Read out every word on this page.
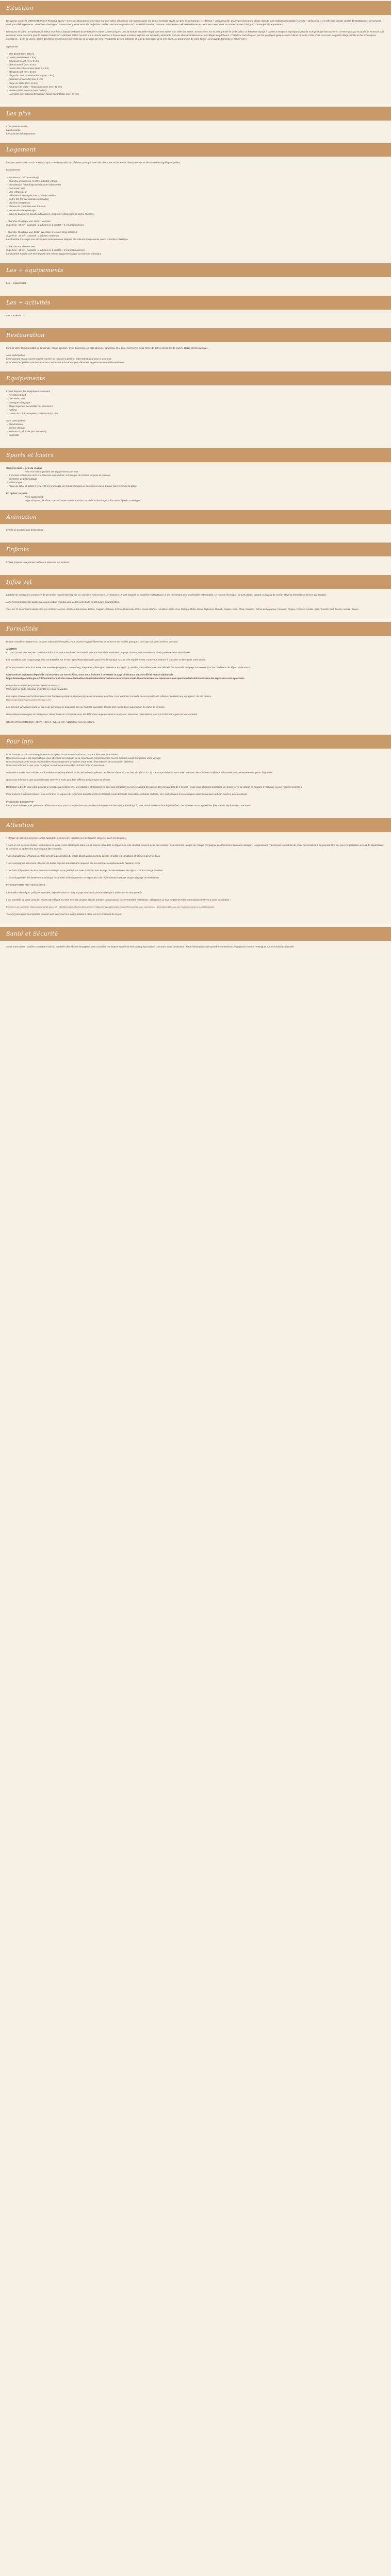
Situation

Bienvenue au KING MINOS RETREAT Resort & Spa 5* ! Ce resort étonnamment se situe sur une colline offrant une vue spectaculaire sur la mer Crétoise et allie un style contemporain, le « Resort » vous accueille, pour votre plus grand plaisir, dans la pure tradition d'hospitalité crétoise « philoxenia » et il offre une grande variété d'installations et de services ainsi que d'hébergements : chambres classiques, suites et bungalows entourés de jardins. Profitez de tous les plaisirs de l'hospitalité crétoise, savourez des saveurs méditerranéennes et découvrez avec vous sur le mer et vivez l'été grec comme jamais auparavant.

Découvrez la Crète, le mythique joli Dieux et précieux joyaux mythique d'une histoire et d'une culture uniques, dont la beauté naturelle est parfaitement reçue pour celle des autres. Entreprenez, sur la plus grande île de la Crète, un fabuleux voyage à travers le temps et imprégnez-vous de sa mythologie fascinante en commençant par le palais de Knossos puis continuez votre aventure pour le musée d'Héraklion. Habitués fidèles ouvrent sur le monde antique, il devient vous emmène explorer sur la Canée, admirable port aux allures vénitiennes et les villages de pêcheurs. C'est donc l'archéo-grec, par les paysages typiques de la culture de notre Crète, c'est vous avez de petits villages isolés et des montagnes escarpées... Celle de divine, dérive des Dieux avant nous émerveille par sa douceur de vivre, l'hospitalité de ses habitants et la beau splendeur de la mer Égée. Au programme de votre séjour : découverte, farniente et art de vivre !

A proximité :

- Star Beach (env. 800 m)
- Golden Beach (env. 1 km)
- Dropanos Beach (env. 1 km)
- Cherro Beach (env. 5 km)
- Centre-ville Chersonisos (env. 2,5 km)
- Stalida Beach (env. 3 km)
- Plage de Limenas Hersonissou (env. 3 km)
- Aquarium Aquaworld (env. 2 km)
- Plage de Stalis (env. 10 km)
- Aquarium de Crète - Thalassocosmos (env. 12 km)
- Musée Palais Knossos (env. 20 km)
- L'aéroport international d'Héraklion Nikos Kazantzakis (env. 24 km).
Les plus
L'hospitalité crétoise
La nouveauté
Le choix des hébergements
Logement

Le KING MINOS RETREAT Resort & Spa 5* est composé d'un bâtiment principal avec des chambres et des suites classiques le tout bien doté de magnifiques jardins.

Equipements :

- Terrasse ou balcon aménagé
- Chambre insonorisée, fenêtre à double vitrage
- Climatisation / chauffage (commande individuelle)
- Connexion Wifi
- Mini-réfrigérateur
- Télévision à écran plat avec chaînes satellite
- Coffre-fort (format ordinateur portable)
- Machine à Expresso
- Plateau de courtoisie avec thé/café
- Nécessaire de repassage
- Salle de bains avec douche à l'italienne, peignoir et chaussons et sèche-cheveux.
- Chambre Classique vue Jardin / vue Mer
Superficie : 28 m² - Capacité : 2 adultes ou 2 adultes + 1 enfant maximum.

- Chambre Classique vue Jardin avec bain à remous privé extérieur
Superficie : 25 m² - Capacité : 2 adultes maximum
La Chambre Classique vue Jardin avec bain à remous dispose des mêmes équipements que la Chambre Classique.

- Chambre Famille vue Mer
Superficie : 38 m² - Capacité : 4 adultes ou 2 adultes + 2 enfants maximum
La Chambre Famille vue Mer dispose des mêmes équipements que la Chambre Classique.
Les + équipements

Les + équipements

Les + activités

Les + activités

Restauration

Lors de votre séjour, profitez de la formule «Demi-pension» (hors boissons). Le petit-déjeuner américain et le dîner sont servis sous forme de buffet composés de cuisine locale et internationale.

Avec participation :
Le restaurant snack, ouvert toute la journée au bord de la piscine, est l'endroit idéal pour le déjeuner.
Pour varier les plaisirs ! rendez-vous au « restaurant à la carte » pour découvrir la gastronomie méditerranéenne.
Equipements
L'hôtel dispose des équipements suivants :
- Réception 24/24
- Connexion Wifi
- Consigne à bagages
- Étage supérieur accessible par ascenseur
- Parking
- Cartes de crédit acceptées : Mastercard & Visa
Avec participation :
- Blanchisserie
- Service d'étage
- Assistance médicale (sur demande)
- Superette
Sports et loisirs
Compris dans le prix du voyage
Pour vos loisirs, profitez des équipements suivants :
- 2 piscines extérieures dont une réservée aux adultes, entourages de chaises longues et parasols
- Serviettes de piscine/plage
- Salle de sport
- Plage de sable et galets à (env. 100 m) aménagée de chaises longues et parasols à vous à trouver pour rejoindre la plage
En option: payante
Avec supplément :
Espace Spa et bien-être : sauna, bassin intérieur, soins corporels et de visage, soins mains / pieds, massages.
Animation

L'hôtel ne propose pas d'animation.

Enfants

L'hôtel propose une piscine extérieure réservée aux enfants.

Infos vol

La Bulle de Voyage est composée de 19 ancien modèle Boeing 717 ou 4 anciens Airbus A319 1 et Boeing 717 sont équipés de modèles Profan Boyce, il est nécessaire pour confortable et facilitable. Le modèle électrique, de 125 places, garanti un niveau de confort élevé (2 fauteuils seulement par rangée).

Avec l'incorporation des quatre nouveaux Airbus, Volotea aura des les vols flotte de 23 avions courant 2016.

Voici les 74 destinations desservies par Volotea: Ajaccio, Athènes, Barcelone, Bilbao, Cagliari, Catania, Corfou, Dubrovnik, Paris, Greek Islands, Héraklion, Ibiza, Kos, Malaga, Malte, Milan, Mykonos, Munich, Naples, Nice, Olbia, Palermo, Palma de Majorque, Paronas, Prague, Rhodes, Sevilla, Split, Tenerife Sud, Trieste, Venise, Zante...

Formalités

Bonne nouvelle ! Compte tenu de votre nationalité française, vous pouvez voyager librement en Grèce et sur les îles grecques, quel que soit votre schéma vaccinal.

A NOTER

En cas d'un vol avec escale, nous vous informons que vous devrez être conformes aux formalités sanitaires du pays où se trouve votre escale ainsi que votre destination finale.

Les modalités pour chaque pays sont consultables sur le site https://www.diplomatie.gouv.fr/ (à la rubrique Accueil très régulièrement, nous vous invitons à consulter ce lien avant votre départ.

Pour les ressortissants d'un autre Etat membre (Belgique, Luxembourg, Pays-Bas, Allemagne, Suisse ou Espagne...), veuillez vous référer aux sites officiels des autorités des pays concernés pour les conditions de départ et de retour.

Coronavirus! Important depuis de Coronavirus sur votre séjour, nous vous invitons à consulter la page ci-dessous du site officiel France Diplomatie :

https://www.diplomatie.gouv.fr/fr/le-ministere-et-son-reseau/actualites-du-ministere/informations-coronavirus-covid-19/coronavirus-les-reponses-a-vos-questions/article/coronavirus-les-reponses-a-vos-questions

Ressortissants français (adultes, bébés et enfants) :

Passeport ou carte nationale d'identité en cours de validité.

Les règles relatives au fonctionnement des frontières propres à chaque pays étant amenées à évoluer, il est vivement conseillé de se reporter à la rubrique "conseils aux voyageurs" du site France

Diplomatie(https://www.diplomatie.gouv.fr/).

Les mineurs voyageant seuls ou avec une personne ne disposant pas de l'autorité parentale doivent être munis d'une autorisation de sortie de territoire.

Ressortissants étrangers et binationaux: doivent être en conformité avec les différentes réglementations en vigueur, selon leur nationalité et devront s'informer auprès de leur consulat.

COURANT ÉLECTRIQUE : 230 V et 50 Hz. Type C et F. Adaptateur non nécessaire.

Pour info
Pour honorer du vol communiquée seront réception de votre convocation ou passeur libre quel titre individ.
Dans tous les cas, il est impératif que vous attendiez la réception de la convocation comprenant les heures définitifs avant d'organiser votre voyage.
Nous ne pouvons être tenus responsables d'un changement d'horaires entre votre réservation et la convocation définitive.

Nous vous informons que, pour ce séjour, le coût sera susceptible de frais l'objet d'une escale.

Réattention au vol avec escale : conformément aux dispositions de la Directive européenne des heures d'attente pour l'escale (de 1h à 4 h). Ce temps d'attente entre vols dure avec les vols. Les conditions et horaires vont nécessairement pour chaque vol.

Nous vous informons que vous hébergez l'arrivée à Paris peut être différent de l'aéroport de départ.

Restitution à bord : pour votre garantir un voyage au meilleur prix, les collations et boissons ne sont pas comprises au service à bord des avions des vols au-delà de 4 heures ; nous vous offrons la possibilité de choisir le vol de départ en suivant, à l'initiative ou aux horaires proposés.

Pour anciens à mobilité réduite : suite à l'entrée en vigueur du règlement européen (CE) 1107/2006, toute demande d'assistance (chaise roulante, etc.) doit parvenir à la compagnie aérienne au plus tard 48h avant le date de départ.

PRÉCISION DESCRIPTIF

Les photos utilisées pour présenter l'hôtel peuvent ne pas correspondre aux chambres réservées. Le descriptif a été rédigé à partir des documents fournis par l'hôtel ; des différences sont possibles (décoration, équipements, services).

Attention

* Mesure de sécurité aérienne sur les bagages: mesures de restriction sur les liquides contenus dans les bagages.

* Dans le cas des vols charter, les horaires de vous y sont déterminés dans les 48 heures précédant le départ. Les vols charters peuvent avoir des escales. Il est dans les usages de chaque compagnie de déterminer d'un autre aéroport. L'organisation n'aurait pas la maîtrise du choix des horaires. Il se pourrait être lieu pour l'organisation en cas de départ tardif, la première ou la dernière journée peut être écourtée.

* Les changements d'horaires se font lors de la proposition du vol de départ au moment du départ, et selon les conditions et horaires des vols fixés.

* Les compagnies aériennes utilisées ont toutes reçu les autorisations requises par les autorités compétentes de l'aviation civile.

* Les frais obligatoires de visa, de carte touristique et en général, les taxes d'entrée dans le pays de destination et de séjour sont à la charge du client.

* L'homologation et le classement touristique des modes d'hébergement correspondent à la réglementation ou aux usages du pays de destination.

INFORMATIONS AUX VOYAGEURS :

La situation climatique, politique, sanitaire, réglementaire de chaque pays du monde pouvant changer rapidement et sans préavis.

Il est conseillé de vous consulter avant votre départ les sites Internet suivants afin de prendre connaissance des éventuelles restrictions, obligations ou tout simplement des informations relatives à votre destination :

Ministère de la Santé: https://www.sante.gouv.fr/ - Ministère des Affaires Etrangères : https://www.diplomatie.gouv.fr/fr/conseils-aux-voyageurs/ - Direction générale de l'aviation civile et des transports.

Toute(s) passagers susceptibles pourrait avoir un impact sur nos prestations et/ou sur les conditions de séjour.

Santé et Sécurité

Avant votre départ, veuillez consulter le site du ministère des Affaires étrangères pour connaître les risques sanitaires éventuels qui pourraient concerner votre destination : https://www.diplomatie.gouv.fr/fr/conseils-aux-voyageurs/ et vous renseigner sur les formalités d'entrée.
